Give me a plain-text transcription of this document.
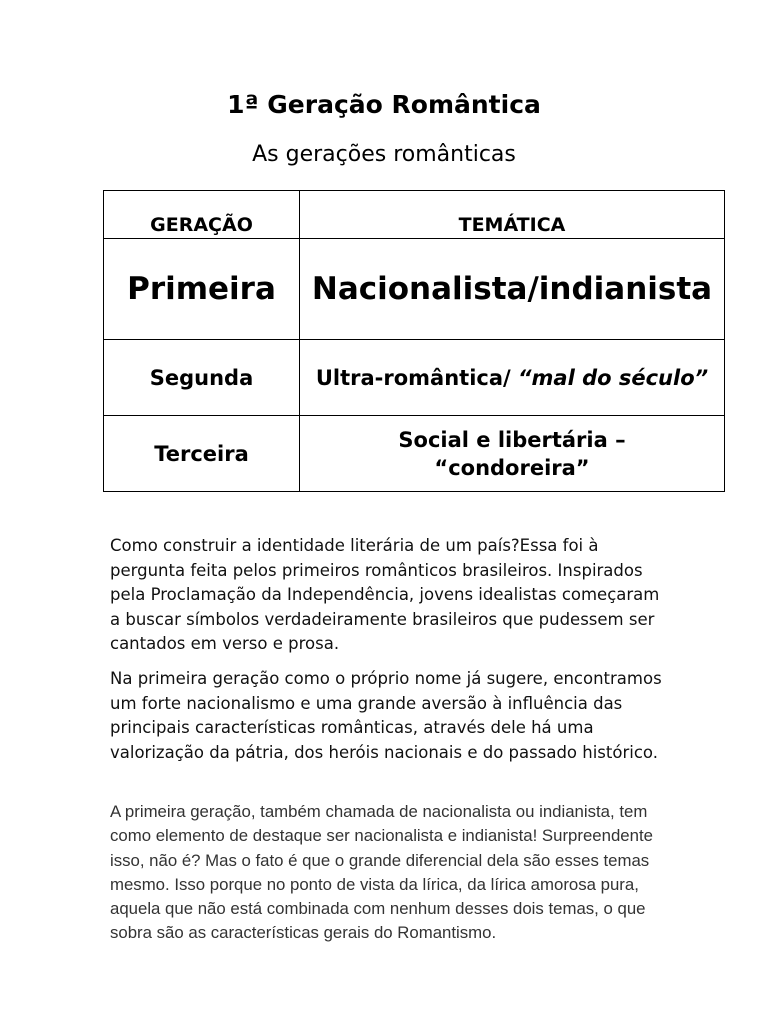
1ª Geração Romântica
As gerações românticas
GERAÇÃO	TEMÁTICA
Primeira	Nacionalista/indianista
Segunda	Ultra-romântica/ “mal do século”
Terceira	Social e libertária – “condoreira”

Como construir a identidade literária de um país?Essa foi à pergunta feita pelos primeiros românticos brasileiros. Inspirados pela Proclamação da Independência, jovens idealistas começaram a buscar símbolos verdadeiramente brasileiros que pudessem ser cantados em verso e prosa.

Na primeira geração como o próprio nome já sugere, encontramos um forte nacionalismo e uma grande aversão à influência das principais características românticas, através dele há uma valorização da pátria, dos heróis nacionais e do passado histórico.

A primeira geração, também chamada de nacionalista ou indianista, tem como elemento de destaque ser nacionalista e indianista! Surpreendente isso, não é? Mas o fato é que o grande diferencial dela são esses temas mesmo. Isso porque no ponto de vista da lírica, da lírica amorosa pura, aquela que não está combinada com nenhum desses dois temas, o que sobra são as características gerais do Romantismo.
